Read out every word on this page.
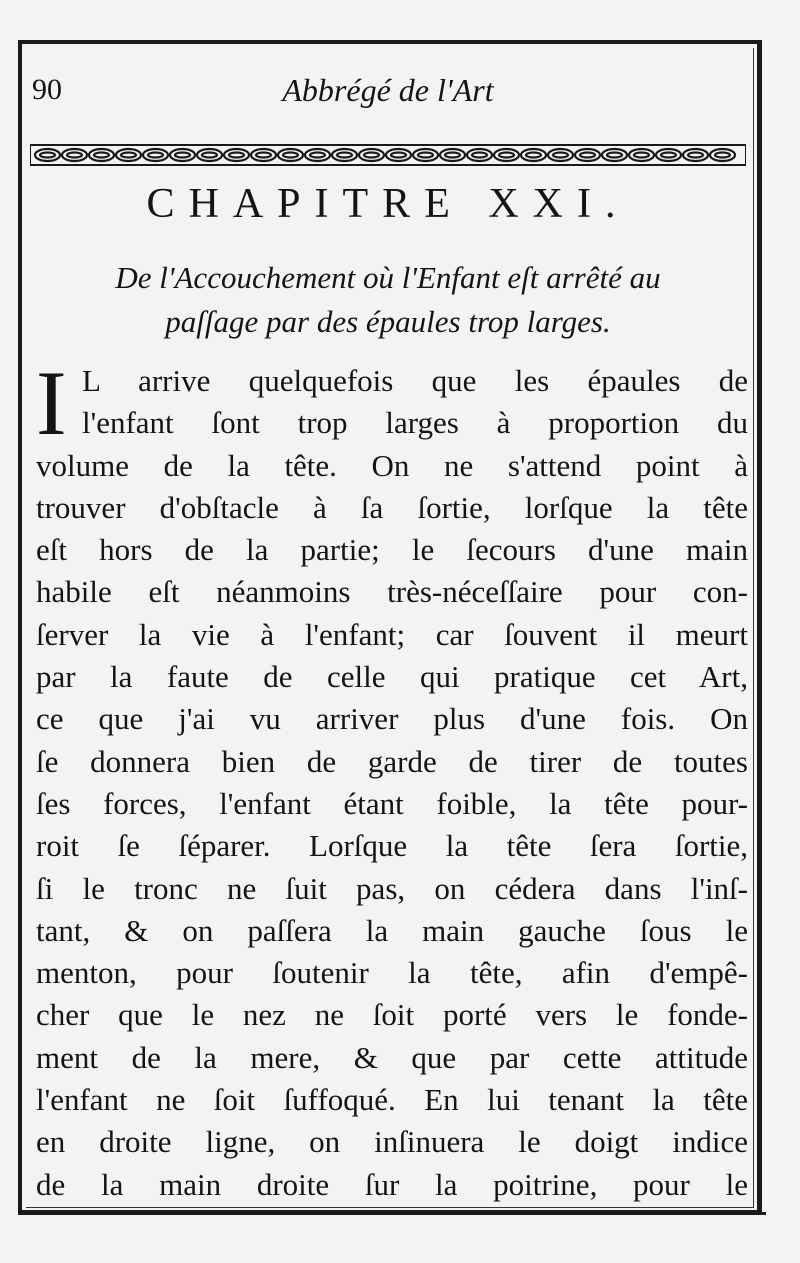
90	Abbrégé de l'Art
CHAPITRE XXI.
De l'Accouchement où l'Enfant eſt arrêté au
paſſage par des épaules trop larges.
I L arrive quelquefois que les épaules de
l'enfant ſont trop larges à proportion du
volume de la tête. On ne s'attend point à
trouver d'obſtacle à ſa ſortie, lorſque la tête
eſt hors de la partie; le ſecours d'une main
habile eſt néanmoins très-néceſſaire pour con-
ſerver la vie à l'enfant; car ſouvent il meurt
par la faute de celle qui pratique cet Art,
ce que j'ai vu arriver plus d'une fois. On
ſe donnera bien de garde de tirer de toutes
ſes forces, l'enfant étant foible, la tête pour-
roit ſe ſéparer. Lorſque la tête ſera ſortie,
ſi le tronc ne ſuit pas, on cédera dans l'inſ-
tant, & on paſſera la main gauche ſous le
menton, pour ſoutenir la tête, afin d'empê-
cher que le nez ne ſoit porté vers le fonde-
ment de la mere, & que par cette attitude
l'enfant ne ſoit ſuffoqué. En lui tenant la tête
en droite ligne, on inſinuera le doigt indice
de la main droite ſur la poitrine, pour le
